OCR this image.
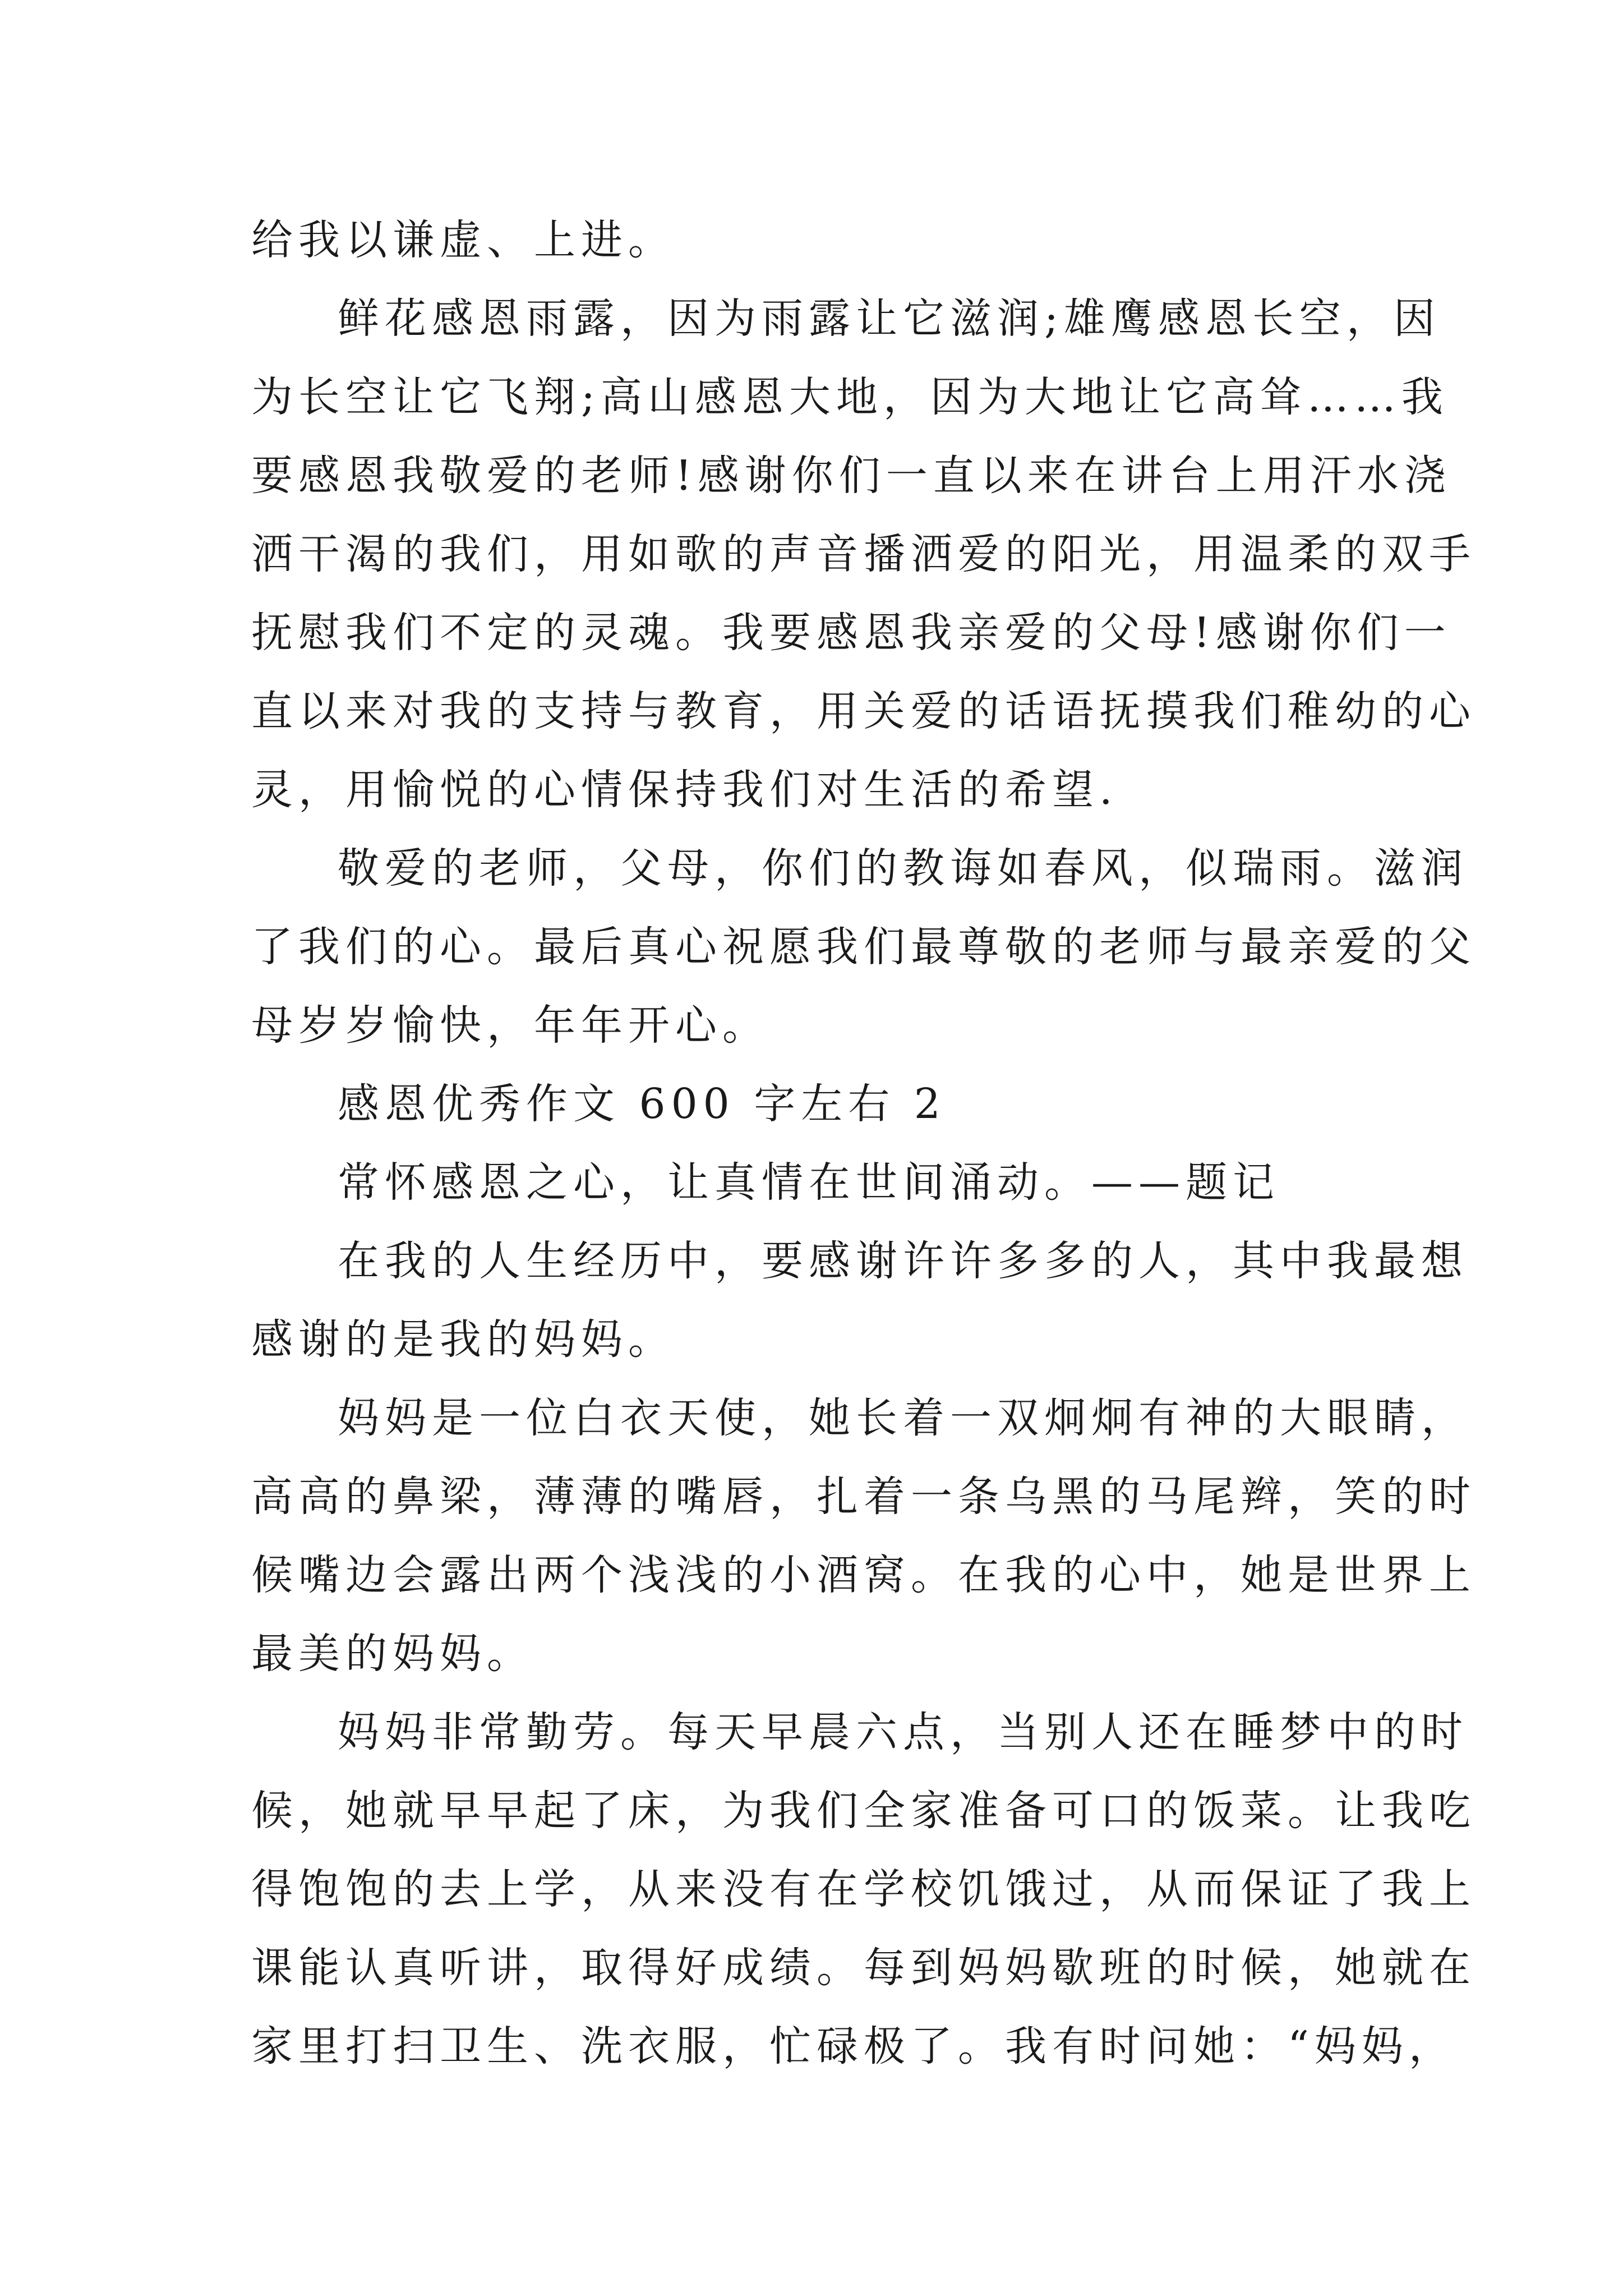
给我以谦虚、上进。
鲜花感恩雨露，因为雨露让它滋润;雄鹰感恩长空，因
为长空让它飞翔;高山感恩大地，因为大地让它高耸……我
要感恩我敬爱的老师!感谢你们一直以来在讲台上用汗水浇
洒干渴的我们，用如歌的声音播洒爱的阳光，用温柔的双手
抚慰我们不定的灵魂。我要感恩我亲爱的父母!感谢你们一
直以来对我的支持与教育，用关爱的话语抚摸我们稚幼的心
灵，用愉悦的心情保持我们对生活的希望.
敬爱的老师，父母，你们的教诲如春风，似瑞雨。滋润
了我们的心。最后真心祝愿我们最尊敬的老师与最亲爱的父
母岁岁愉快，年年开心。
感恩优秀作文 600 字左右 2
常怀感恩之心，让真情在世间涌动。——题记
在我的人生经历中，要感谢许许多多的人，其中我最想
感谢的是我的妈妈。
妈妈是一位白衣天使，她长着一双炯炯有神的大眼睛，
高高的鼻梁，薄薄的嘴唇，扎着一条乌黑的马尾辫，笑的时
候嘴边会露出两个浅浅的小酒窝。在我的心中，她是世界上
最美的妈妈。
妈妈非常勤劳。每天早晨六点，当别人还在睡梦中的时
候，她就早早起了床，为我们全家准备可口的饭菜。让我吃
得饱饱的去上学，从来没有在学校饥饿过，从而保证了我上
课能认真听讲，取得好成绩。每到妈妈歇班的时候，她就在
家里打扫卫生、洗衣服，忙碌极了。我有时问她：“妈妈，
